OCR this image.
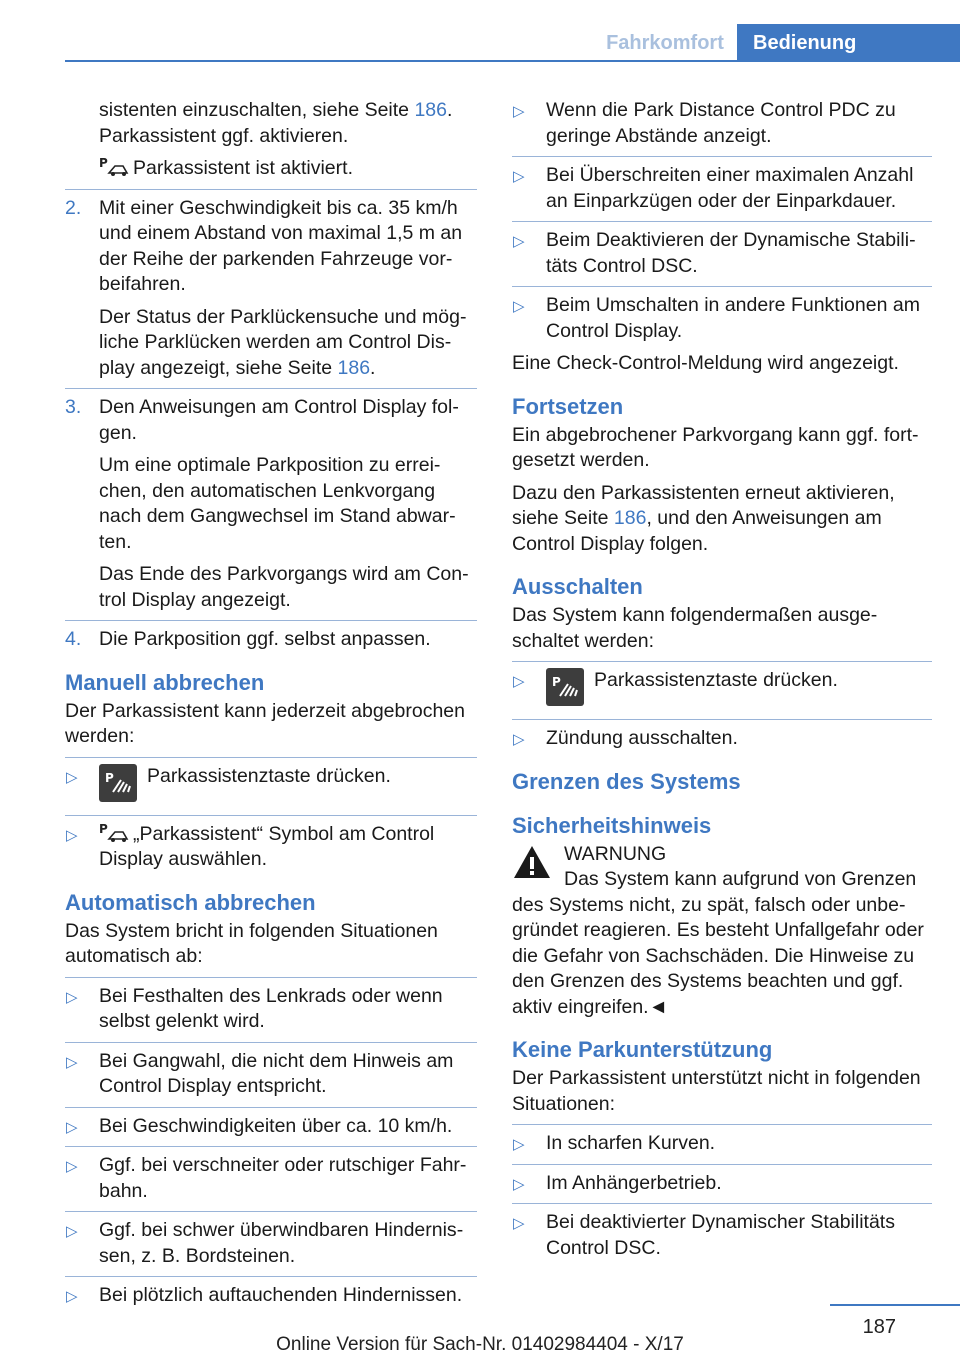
Fahrkomfort	Bedienung

sistenten einzuschalten, siehe Seite 186.
Parkassistent ggf. aktivieren.

P Parkassistent ist aktiviert.

2. Mit einer Geschwindigkeit bis ca. 35 km/h und einem Abstand von maximal 1,5 m an der Reihe der parkenden Fahrzeuge vorbeifahren.

Der Status der Parklückensuche und mögliche Parklücken werden am Control Display angezeigt, siehe Seite 186.

3. Den Anweisungen am Control Display folgen.

Um eine optimale Parkposition zu erreichen, den automatischen Lenkvorgang nach dem Gangwechsel im Stand abwarten.

Das Ende des Parkvorgangs wird am Control Display angezeigt.

4. Die Parkposition ggf. selbst anpassen.

Manuell abbrechen

Der Parkassistent kann jederzeit abgebrochen werden:

▷ P Parkassistenztaste drücken.
▷ P „Parkassistent“ Symbol am Control Display auswählen.
Automatisch abbrechen

Das System bricht in folgenden Situationen automatisch ab:

▷ Bei Festhalten des Lenkrads oder wenn selbst gelenkt wird.
▷ Bei Gangwahl, die nicht dem Hinweis am Control Display entspricht.
▷ Bei Geschwindigkeiten über ca. 10 km/h.
▷ Ggf. bei verschneiter oder rutschiger Fahrbahn.
▷ Ggf. bei schwer überwindbaren Hindernissen, z. B. Bordsteinen.
▷ Bei plötzlich auftauchenden Hindernissen.
▷ Wenn die Park Distance Control PDC zu geringe Abstände anzeigt.
▷ Bei Überschreiten einer maximalen Anzahl an Einparkzügen oder der Einparkdauer.
▷ Beim Deaktivieren der Dynamische Stabilitäts Control DSC.
▷ Beim Umschalten in andere Funktionen am Control Display.

Eine Check-Control-Meldung wird angezeigt.

Fortsetzen

Ein abgebrochener Parkvorgang kann ggf. fortgesetzt werden.

Dazu den Parkassistenten erneut aktivieren, siehe Seite 186, und den Anweisungen am Control Display folgen.

Ausschalten

Das System kann folgendermaßen ausgeschaltet werden:

▷ P Parkassistenztaste drücken.
▷ Zündung ausschalten.
Grenzen des Systems
Sicherheitshinweis
WARNUNG

Das System kann aufgrund von Grenzen des Systems nicht, zu spät, falsch oder unbegründet reagieren. Es besteht Unfallgefahr oder die Gefahr von Sachschäden. Die Hinweise zu den Grenzen des Systems beachten und ggf. aktiv eingreifen.◄

Keine Parkunterstützung

Der Parkassistent unterstützt nicht in folgenden Situationen:

▷ In scharfen Kurven.
▷ Im Anhängerbetrieb.
▷ Bei deaktivierter Dynamischer Stabilitäts Control DSC.
187
Online Version für Sach-Nr. 01402984404 - X/17
